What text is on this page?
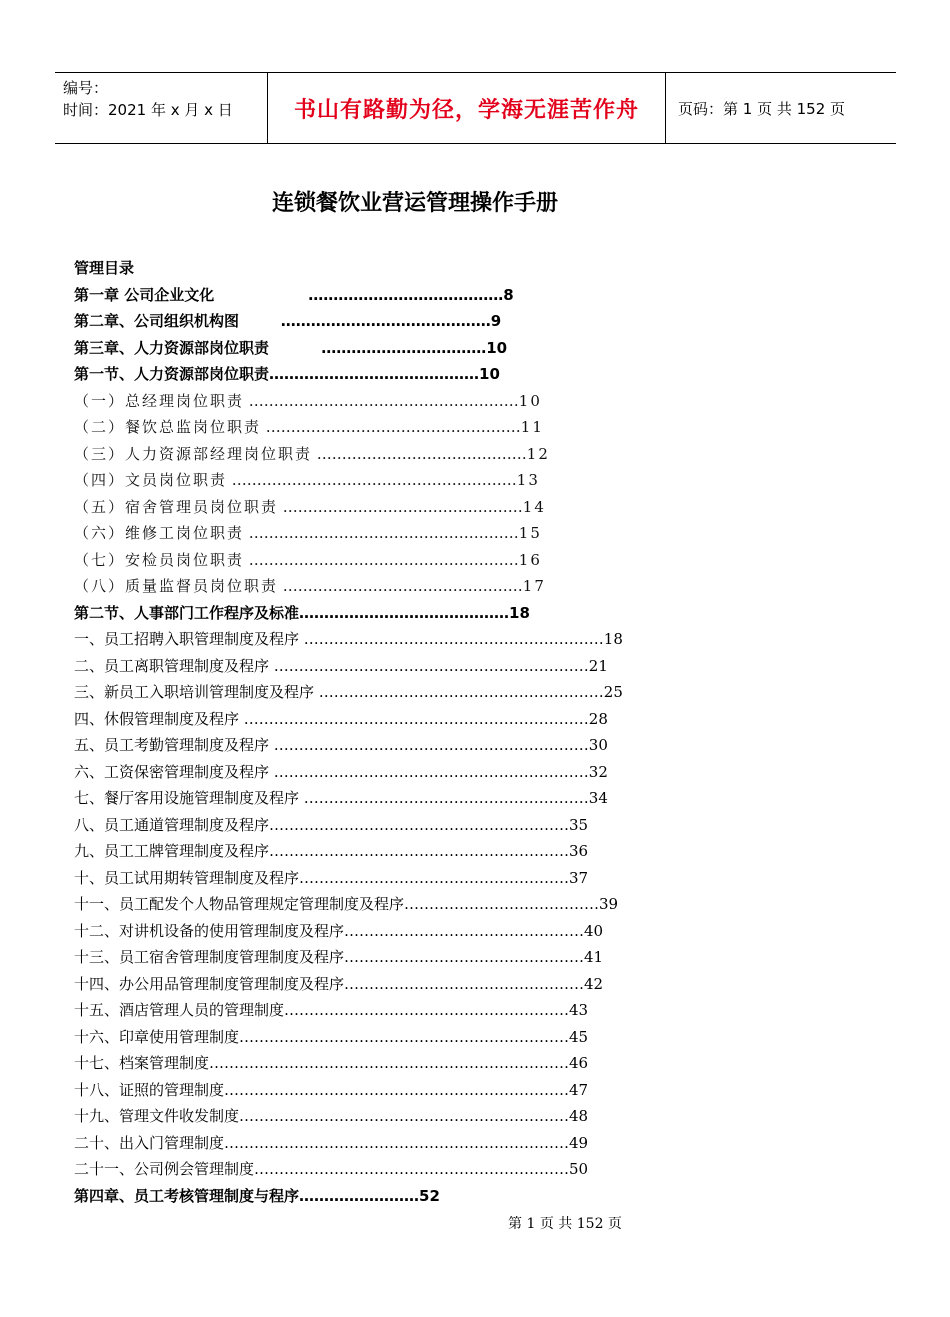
编号：
时间：2021 年 x 月 x 日	书山有路勤为径，学海无涯苦作舟	页码：第 1 页 共 152 页
连锁餐饮业营运管理操作手册
管理目录
第一章 公司企业文化                  …………………………………8
第二章、公司组织机构图        ……………………………………9
第三章、人力资源部岗位职责          ……………………………10
第一节、人力资源部岗位职责……………………………………10
（一）总经理岗位职责 ………………………………………………10
（二）餐饮总监岗位职责 ……………………………………………11
（三）人力资源部经理岗位职责 ……………………………………12
（四）文员岗位职责 …………………………………………………13
（五）宿舍管理员岗位职责 …………………………………………14
（六）维修工岗位职责 ………………………………………………15
（七）安检员岗位职责 ………………………………………………16
（八）质量监督员岗位职责 …………………………………………17
第二节、人事部门工作程序及标准……………………………………18
一、员工招聘入职管理制度及程序 ……………………………………………………18
二、员工离职管理制度及程序 ………………………………………………………21
三、新员工入职培训管理制度及程序 …………………………………………………25
四、休假管理制度及程序 ……………………………………………………………28
五、员工考勤管理制度及程序 ………………………………………………………30
六、工资保密管理制度及程序 ………………………………………………………32
七、餐厅客用设施管理制度及程序 …………………………………………………34
八、员工通道管理制度及程序……………………………………………………35
九、员工工牌管理制度及程序……………………………………………………36
十、员工试用期转管理制度及程序………………………………………………37
十一、员工配发个人物品管理规定管理制度及程序…………………………………39
十二、对讲机设备的使用管理制度及程序…………………………………………40
十三、员工宿舍管理制度管理制度及程序…………………………………………41
十四、办公用品管理制度管理制度及程序…………………………………………42
十五、酒店管理人员的管理制度…………………………………………………43
十六、印章使用管理制度…………………………………………………………45
十七、档案管理制度………………………………………………………………46
十八、证照的管理制度……………………………………………………………47
十九、管理文件收发制度…………………………………………………………48
二十、出入门管理制度……………………………………………………………49
二十一、公司例会管理制度………………………………………………………50
第四章、员工考核管理制度与程序……………………52
第 1 页 共 152 页
